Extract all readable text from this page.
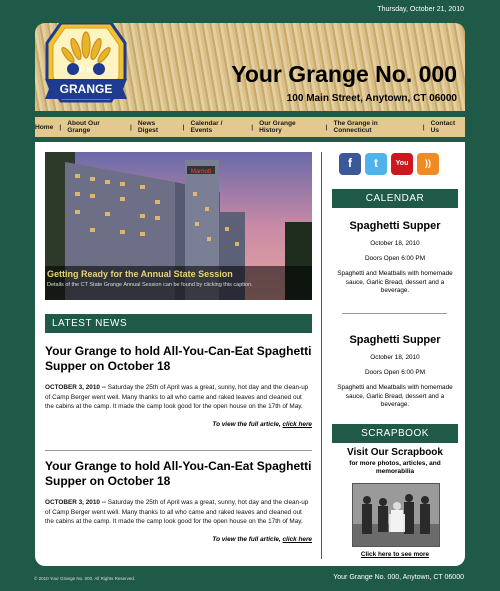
Thursday, October 21, 2010
P H
GRANGE
Your Grange No. 000
100 Main Street, Anytown, CT 06000
Home | About Our Grange	| News Digest	| Calendar / Events	| Our Grange History	| The Grange in Connecticut	| Contact Us
Marriott
Getting Ready for the Annual State Session
Details of the CT State Grange Annual Session can be found by clicking this caption.
LATEST NEWS

Your Grange to hold All-You-Can-Eat Spaghetti Supper on October 18

OCTOBER 3, 2010 -- Saturday the 25th of April was a great, sunny, hot day and the clean-up of Camp Berger went well. Many thanks to all who came and raked leaves and cleaned out the cabins at the camp. It made the camp look good for the open house on the 17th of May.
To view the full article, click here

Your Grange to hold All-You-Can-Eat Spaghetti Supper on October 18

OCTOBER 3, 2010 -- Saturday the 25th of April was a great, sunny, hot day and the clean-up of Camp Berger went well. Many thanks to all who came and raked leaves and cleaned out the cabins at the camp. It made the camp look good for the open house on the 17th of May.
To view the full article, click here
f	t	You	))
CALENDAR
Spaghetti Supper
October 18, 2010
Doors Open 6:00 PM
Spaghetti and Meatballs with homemade sauce, Garlic Bread, dessert and a beverage.
Spaghetti Supper
October 18, 2010
Doors Open 6:00 PM
Spaghetti and Meatballs with homemade sauce, Garlic Bread, dessert and a beverage.
SCRAPBOOK
Visit Our Scrapbook
for more photos, articles, and memorabilia
Click here to see more
© 2010 Your Grange No. 000. All Rights Reserved.	Your Grange No. 000, Anytown, CT 06000
